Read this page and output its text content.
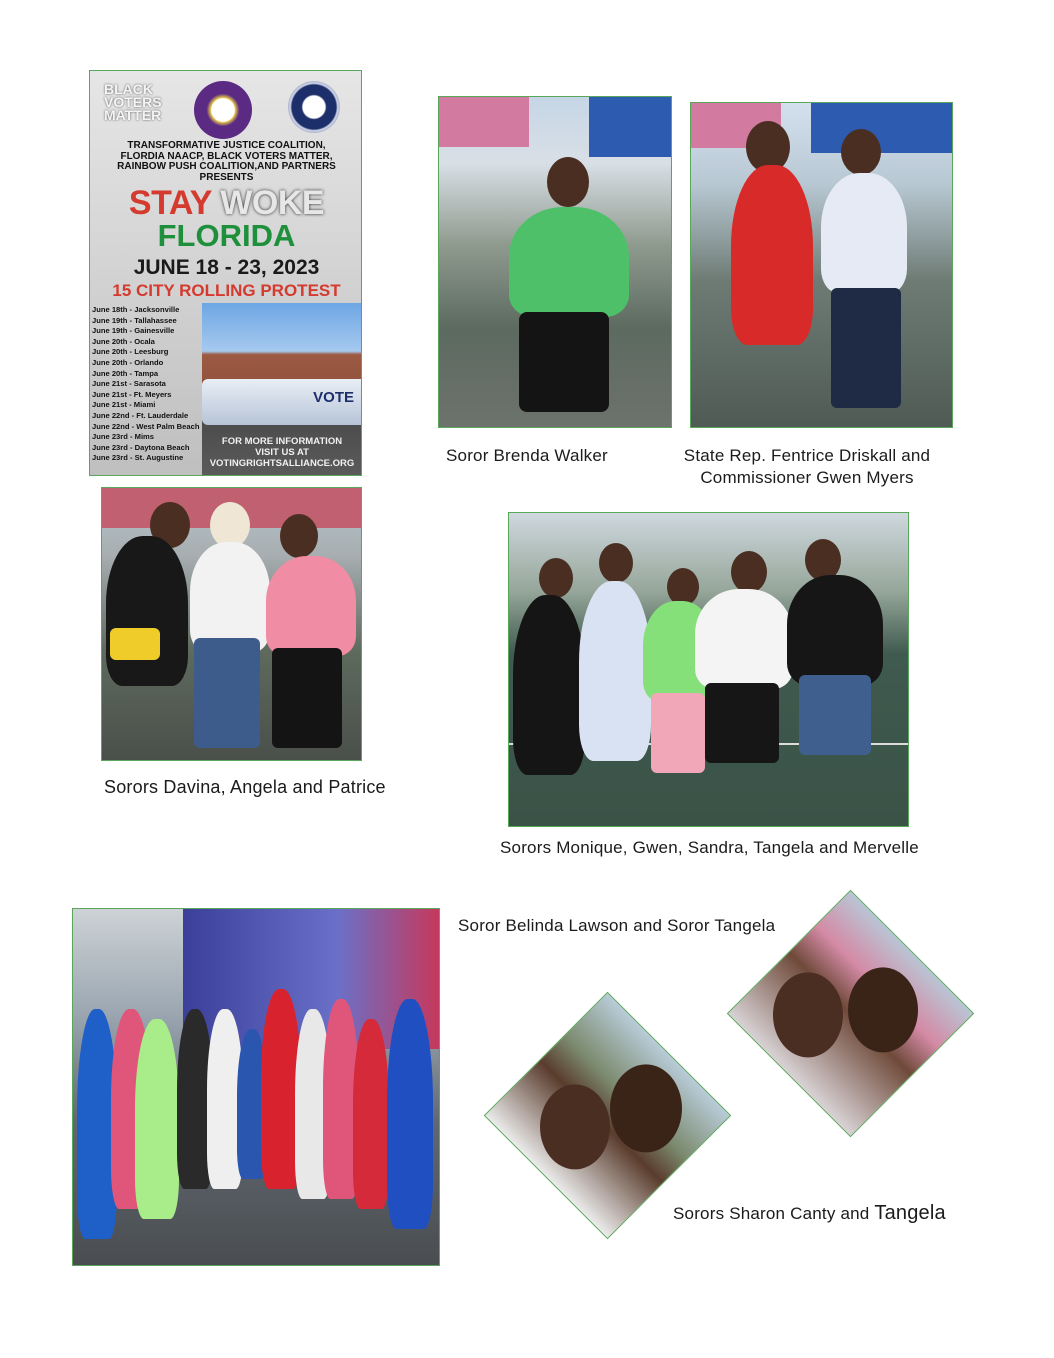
BLACK VOTERS MATTER
TRANSFORMATIVE JUSTICE COALITION,
FLORDIA NAACP, BLACK VOTERS MATTER,
RAINBOW PUSH COALITION,AND PARTNERS
PRESENTS
STAY WOKE
FLORIDA
JUNE 18 - 23, 2023
15 CITY ROLLING PROTEST
June 18th - Jacksonville
June 19th - Tallahassee
June 19th - Gainesville
June 20th - Ocala
June 20th - Leesburg
June 20th - Orlando
June 20th - Tampa
June 21st - Sarasota
June 21st - Ft. Meyers
June 21st - Miami
June 22nd - Ft. Lauderdale
June 22nd - West Palm Beach
June 23rd - Mims
June 23rd - Daytona Beach
June 23rd - St. Augustine
VOTE
FOR MORE INFORMATION
VISIT US AT
VOTINGRIGHTSALLIANCE.ORG	Soror Brenda Walker	State Rep. Fentrice Driskall and
Commissioner Gwen Myers
Sorors Davina, Angela and Patrice
Sorors Monique, Gwen, Sandra, Tangela and Mervelle
Soror Belinda Lawson and Soror Tangela
Sorors Sharon Canty and Tangela
